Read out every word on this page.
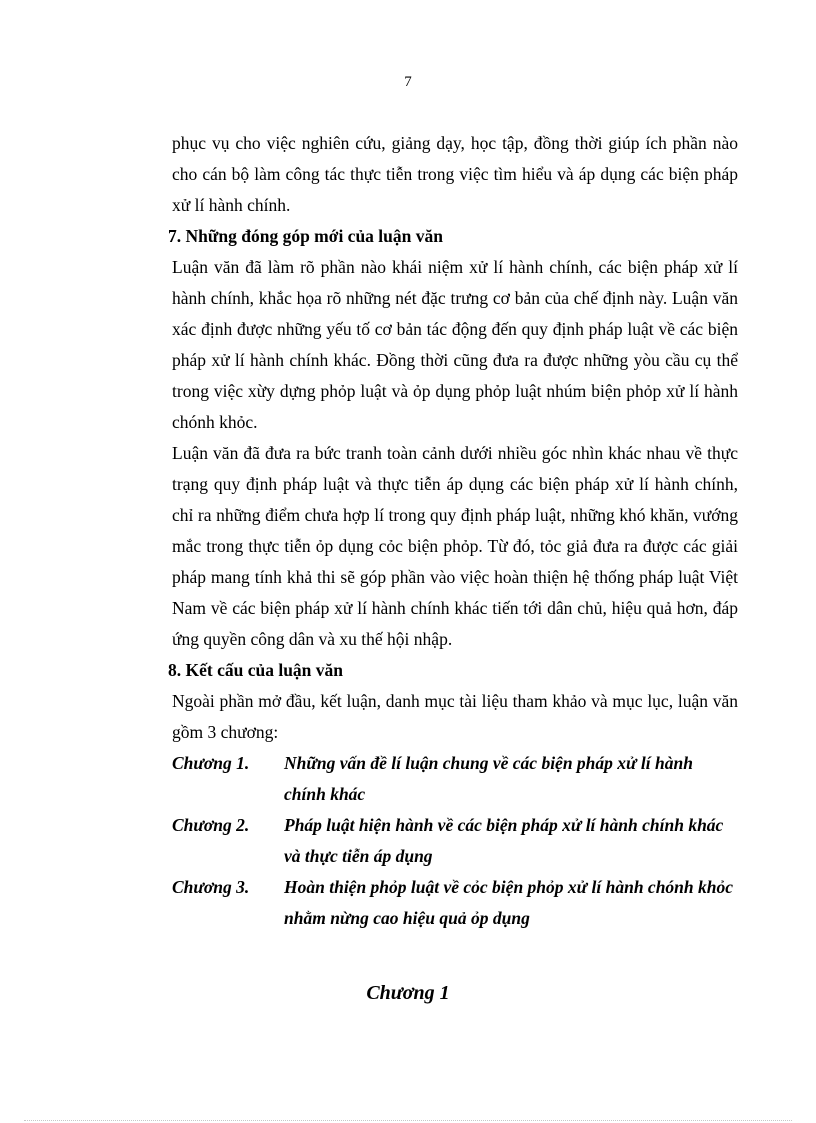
7

phục vụ cho việc nghiên cứu, giảng dạy, học tập, đồng thời giúp ích phần nào cho cán bộ làm công tác thực tiễn trong việc tìm hiểu và áp dụng các biện pháp xử lí hành chính.

7. Những đóng góp mới của luận văn

Luận văn đã làm rõ phần nào khái niệm xử lí hành chính, các biện pháp xử lí hành chính, khắc họa rõ những nét đặc trưng cơ bản của chế định này. Luận văn xác định được những yếu tố cơ bản tác động đến quy định pháp luật về các biện pháp xử lí hành chính khác. Đồng thời cũng đưa ra được những yòu cầu cụ thể trong việc xừy dựng phỏp luật và ỏp dụng phỏp luật nhúm biện phỏp xử lí hành chónh khỏc.

Luận văn đã đưa ra bức tranh toàn cảnh dưới nhiều góc nhìn khác nhau về thực trạng quy định pháp luật và thực tiễn áp dụng các biện pháp xử lí hành chính, chỉ ra những điểm chưa hợp lí trong quy định pháp luật, những khó khăn, vướng mắc trong thực tiễn ỏp dụng cỏc biện phỏp. Từ đó, tỏc giả đưa ra được các giải pháp mang tính khả thi sẽ góp phần vào việc hoàn thiện hệ thống pháp luật Việt Nam về các biện pháp xử lí hành chính khác tiến tới dân chủ, hiệu quả hơn, đáp ứng quyền công dân và xu thế hội nhập.

8. Kết cấu của luận văn

Ngoài phần mở đầu, kết luận, danh mục tài liệu tham khảo và mục lục, luận văn gồm 3 chương:

Chương 1.	Những vấn đề lí luận chung về các biện pháp xử lí hành chính khác
Chương 2.	Pháp luật hiện hành về các biện pháp xử lí hành chính khác và thực tiễn áp dụng
Chương 3.	Hoàn thiện phỏp luật về cỏc biện phỏp xử lí hành chónh khỏc nhằm nừng cao hiệu quả ỏp dụng
Chương 1
